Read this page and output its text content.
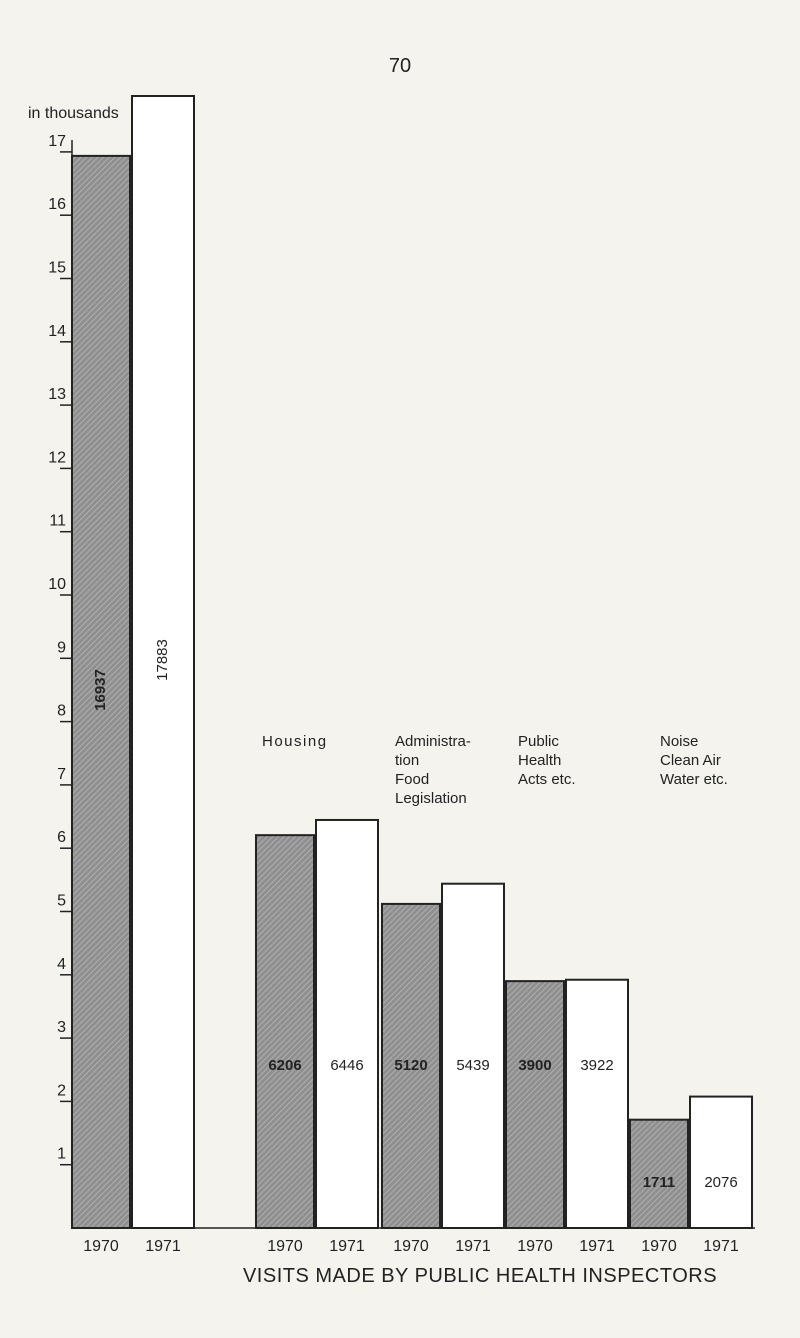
70
in thousands
1
2
3
4
5
6
7
8
9
10
11
12
13
14
15
16
17
1970 1971
16937
17883
1970 1971
6206 6446
1970 1971
5120 5439
1970 1971
3900 3922
1970 1971
1711 2076
Housing	Administra-
tion
Food
Legislation
Public
Health
Acts etc.
Noise
Clean Air
Water etc.
VISITS MADE BY PUBLIC HEALTH INSPECTORS
